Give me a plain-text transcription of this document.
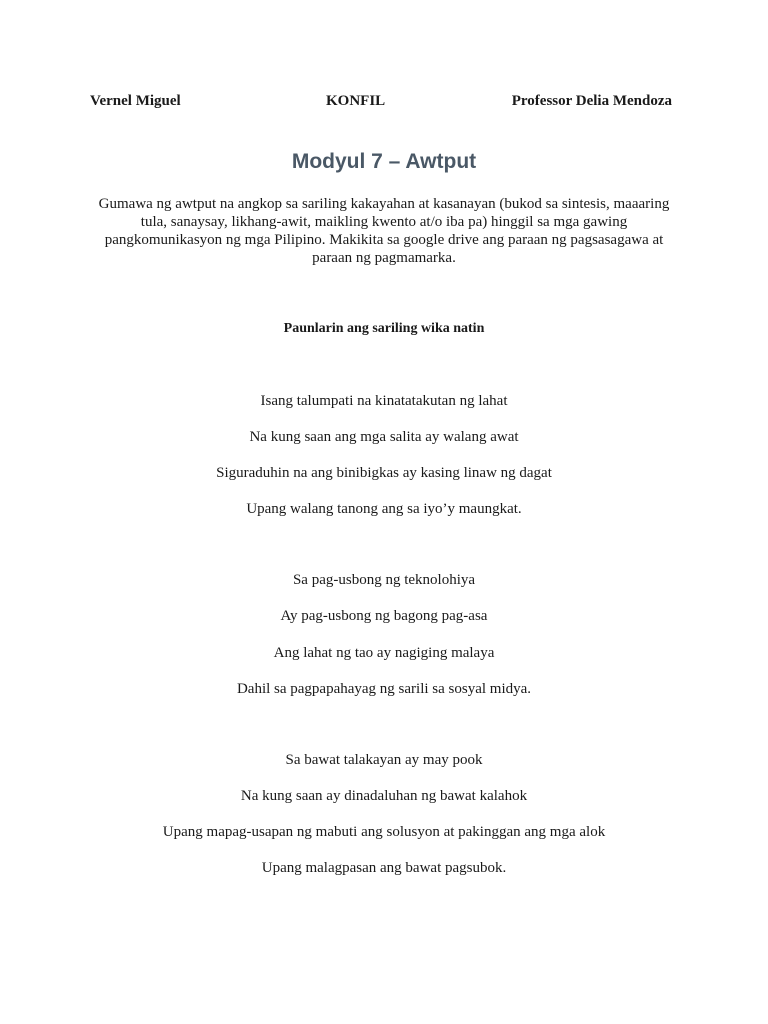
Vernel Miguel	KONFIL	Professor Delia Mendoza
Modyul 7 – Awtput
Gumawa ng awtput na angkop sa sariling kakayahan at kasanayan (bukod sa sintesis, maaaring tula, sanaysay, likhang-awit, maikling kwento at/o iba pa) hinggil sa mga gawing pangkomunikasyon ng mga Pilipino. Makikita sa google drive ang paraan ng pagsasagawa at paraan ng pagmamarka.
Paunlarin ang sariling wika natin
Isang talumpati na kinatatakutan ng lahat
Na kung saan ang mga salita ay walang awat
Siguraduhin na ang binibigkas ay kasing linaw ng dagat
Upang walang tanong ang sa iyo’y maungkat.
Sa pag-usbong ng teknolohiya
Ay pag-usbong ng bagong pag-asa
Ang lahat ng tao ay nagiging malaya
Dahil sa pagpapahayag ng sarili sa sosyal midya.
Sa bawat talakayan ay may pook
Na kung saan ay dinadaluhan ng bawat kalahok
Upang mapag-usapan ng mabuti ang solusyon at pakinggan ang mga alok
Upang malagpasan ang bawat pagsubok.
